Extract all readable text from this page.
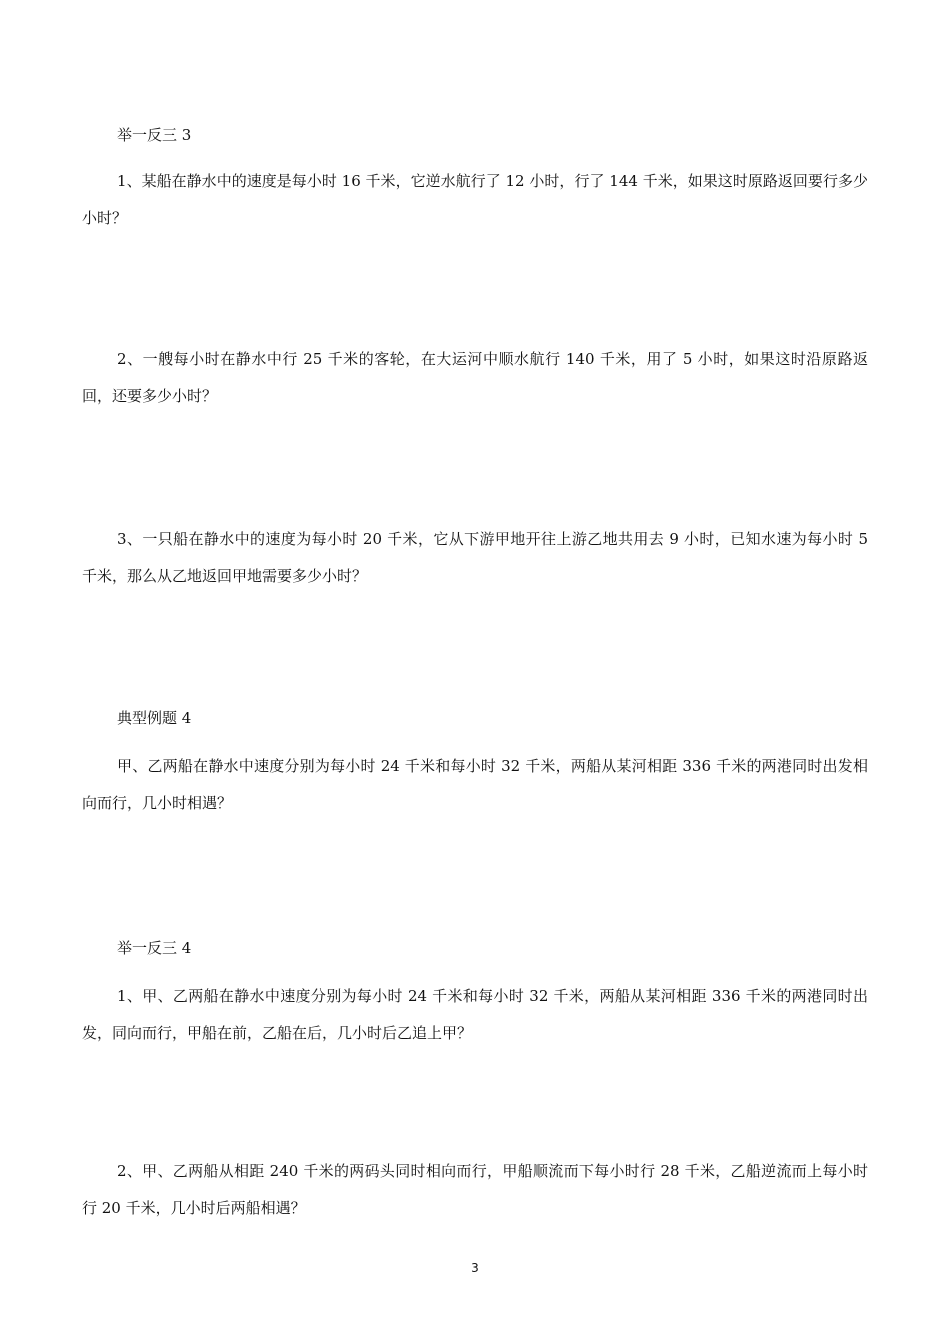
举一反三 3
1、某船在静水中的速度是每小时 16 千米，它逆水航行了 12 小时，行了 144 千米，如果这时原路返回要行多少小时？
2、一艘每小时在静水中行 25 千米的客轮，在大运河中顺水航行 140 千米，用了 5 小时，如果这时沿原路返回，还要多少小时？
3、一只船在静水中的速度为每小时 20 千米，它从下游甲地开往上游乙地共用去 9 小时，已知水速为每小时 5 千米，那么从乙地返回甲地需要多少小时？
典型例题 4
甲、乙两船在静水中速度分别为每小时 24 千米和每小时 32 千米，两船从某河相距 336 千米的两港同时出发相向而行，几小时相遇？
举一反三 4
1、甲、乙两船在静水中速度分别为每小时 24 千米和每小时 32 千米，两船从某河相距 336 千米的两港同时出发，同向而行，甲船在前，乙船在后，几小时后乙追上甲？
2、甲、乙两船从相距 240 千米的两码头同时相向而行，甲船顺流而下每小时行 28 千米，乙船逆流而上每小时行 20 千米，几小时后两船相遇？
3
